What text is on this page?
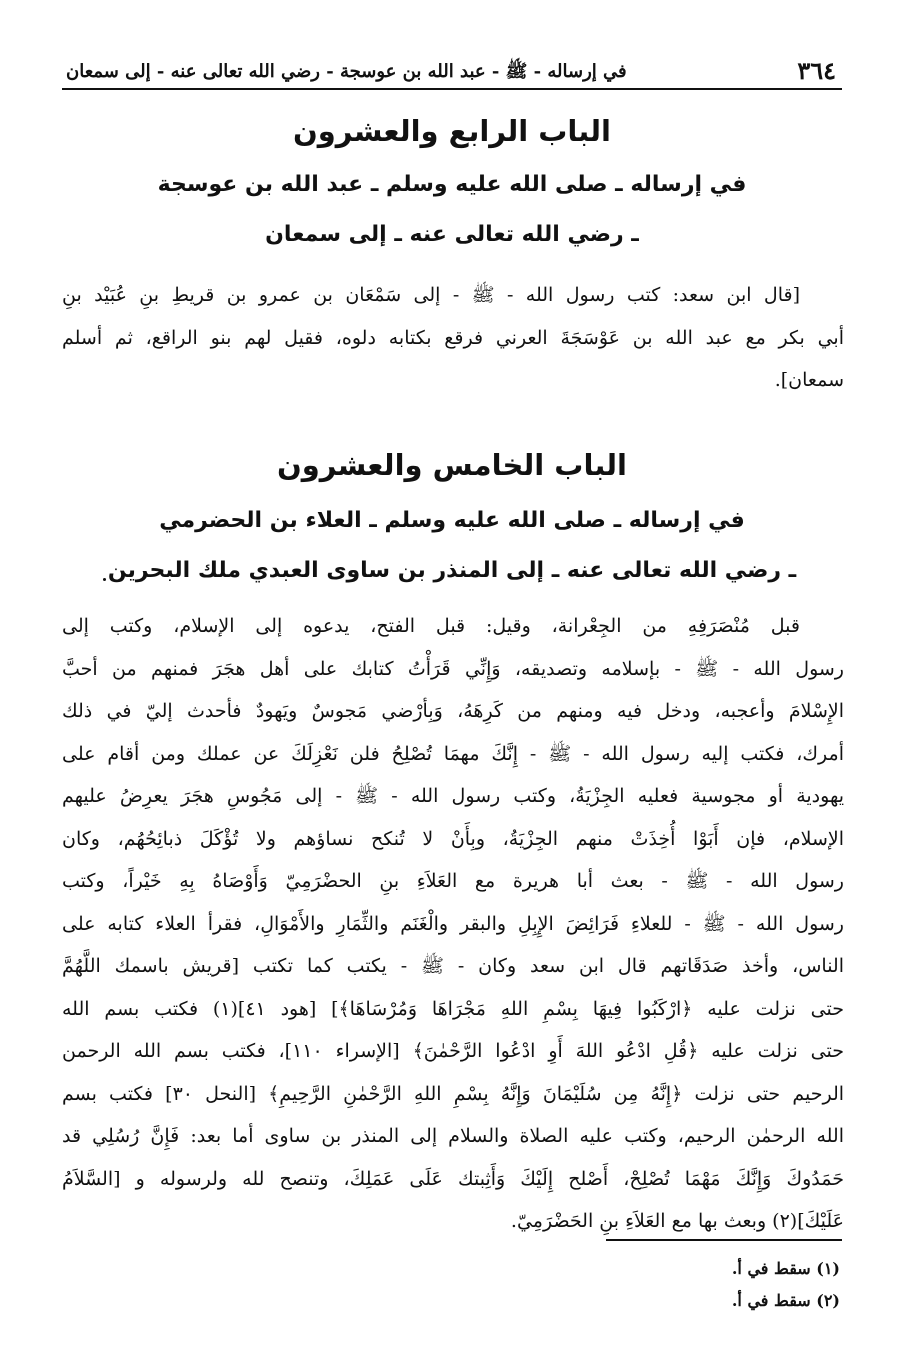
٣٦٤
في إرساله - ﷺ - عبد الله بن عوسجة - رضي الله تعالى عنه - إلى سمعان
الباب الرابع والعشرون
في إرساله ـ صلى الله عليه وسلم ـ عبد الله بن عوسجة
ـ رضي الله تعالى عنه ـ إلى سمعان
[قال ابن سعد: كتب رسول الله - ﷺ - إلى سَمْعَان بن عمرو بن قريطِ بنِ عُبَيْد بنِ
أبي بكر مع عبد الله بن عَوْسَجَةَ العرني فرقع بكتابه دلوه، فقيل لهم بنو الراقع، ثم أسلم
سمعان].
الباب الخامس والعشرون
في إرساله ـ صلى الله عليه وسلم ـ العلاء بن الحضرمي
ـ رضي الله تعالى عنه ـ إلى المنذر بن ساوى العبدي ملك البحرين
قبل مُنْصَرَفِهِ من الجِعْرانة، وقيل: قبل الفتح، يدعوه إلى الإسلام، وكتب إلى
رسول الله - ﷺ - بإسلامه وتصديقه، وَإِنِّي قَرَأْتُ كتابك على أهل هجَرَ فمنهم من أحبَّ
الإِسْلامَ وأعجبه، ودخل فيه ومنهم من كَرِهَهُ، وَبِأرْضي مَجوسٌ ويَهودٌ فأحدث إليّ في ذلك
أمرك، فكتب إليه رسول الله - ﷺ - إِنَّكَ مهمَا تُصْلِحُ فلن نَعْزِلَكَ عن عملك ومن أقام على
يهودية أو مجوسية فعليه الجِزْيَةُ، وكتب رسول الله - ﷺ - إلى مَجُوسِ هجَرَ يعرِضُ عليهم
الإسلام، فإن أَبَوْا أُخِذَتْ منهم الجِزْيَةُ، وبِأَنْ لا تُنكح نساؤهم ولا تُؤْكَلَ ذبائِحُهُم، وكان
رسول الله - ﷺ - بعث أبا هريرة مع العَلاَءِ بنِ الحضْرَمِيّ وَأَوْصَاهُ بِهِ خَيْراً، وكتب
رسول الله - ﷺ - للعلاءِ فَرَائِضَ الإِبِلِ والبقر والْغَنَم والثِّمَارِ والأَمْوَالِ، فقرأ العلاء كتابه على
الناس، وأخذ صَدَقَاتهم قال ابن سعد وكان - ﷺ - يكتب كما تكتب [قريش باسمك اللَّهُمَّ
حتى نزلت عليه ﴿ارْكَبُوا فِيهَا بِسْمِ اللهِ مَجْرَاهَا وَمُرْسَاهَا﴾] [هود ٤١](١) فكتب بسم الله
حتى نزلت عليه ﴿قُلِ ادْعُو اللهَ أَوِ ادْعُوا الرَّحْمٰنَ﴾ [الإسراء ١١٠]، فكتب بسم الله الرحمن
الرحيم حتى نزلت ﴿إِنَّهُ مِن سُلَيْمَانَ وَإِنَّهُ بِسْمِ اللهِ الرَّحْمٰنِ الرَّحِيمِ﴾ [النحل ٣٠] فكتب بسم
الله الرحمٰن الرحيم، وكتب عليه الصلاة والسلام إلى المنذر بن ساوى أما بعد: فَإِنَّ رُسُلِي قد
حَمَدُوكَ وَإِنَّكَ مَهْمَا تُصْلِحْ، أَصْلح إِلَيْكَ وَأَثِبتك عَلَى عَمَلِكَ، وتنصح لله ولرسوله و [السَّلاَمُ
عَلَيْكَ](٢) وبعث بها مع العَلاَءِ بنِ الحَضْرَمِيّ.
(١) سقط في أ.
(٢) سقط في أ.
